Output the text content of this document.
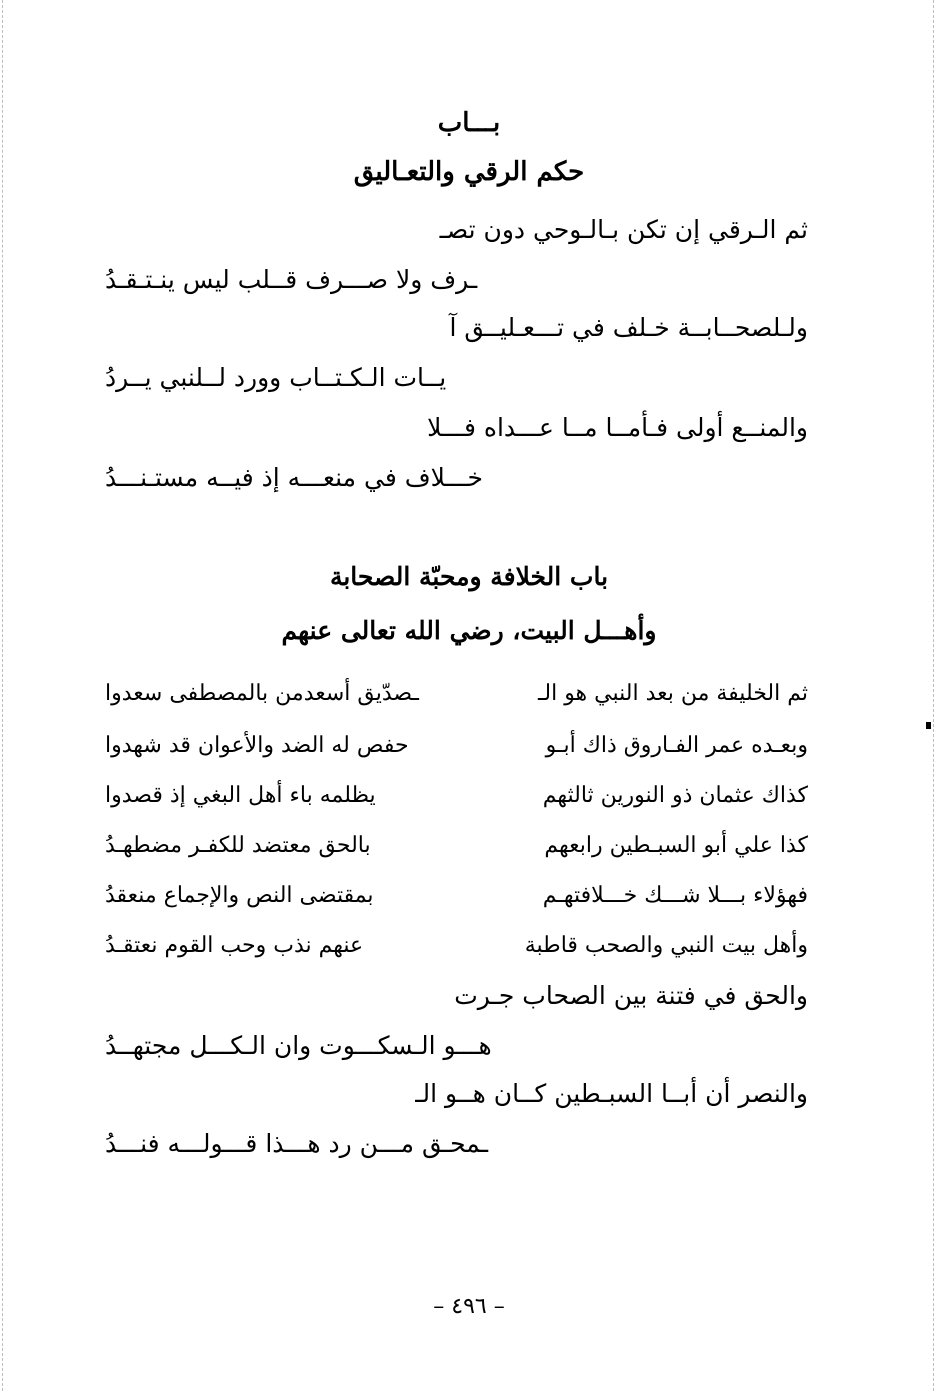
بـــاب
حكم الرقي والتعـاليق
ثم الـرقي إن تكن بـالـوحي دون تصـ
ـرف ولا صـــرف قــلب ليس ينـتـقـدُ
ولـلصحــابــة خـلف في تـــعـليــق آ
يــات الـكـتــاب وورد لــلنبي يــردُ
والمنــع أولى فـأمــا مــا عـــداه فـــلا
خـــلاف في منعـــه إذ فيــه مستـنـــدُ
باب الخلافة ومحبّة الصحابة
وأهـــل البيت، رضي الله تعالى عنهم
ثم الخليفة من بعد النبي هو الـ
ـصدّيق أسعدمن بالمصطفى سعدوا
وبعـده عمر الفـاروق ذاك أبـو
حفص له الضد والأعوان قد شهدوا
كذاك عثمان ذو النورين ثالثهم
يظلمه باء أهل البغي إذ قصدوا
كذا علي أبو السبـطين رابعهم
بالحق معتضد للكفـر مضطهـدُ
فهؤلاء بـــلا شـــك خـــلافتهـم
بمقتضى النص والإجماع منعقدُ
وأهل بيت النبي والصحب قاطبة
عنهم نذب وحب القوم نعتقـدُ
والحق في فتنة بين الصحاب جـرت
هـــو الـسكـــوت وان الـكـــل مجتهــدُ
والنصر أن أبــا السبـطين كــان هــو الـ
ـمحـق مـــن رد هـــذا قـــولـــه فنـــدُ
– ٤٩٦ –
